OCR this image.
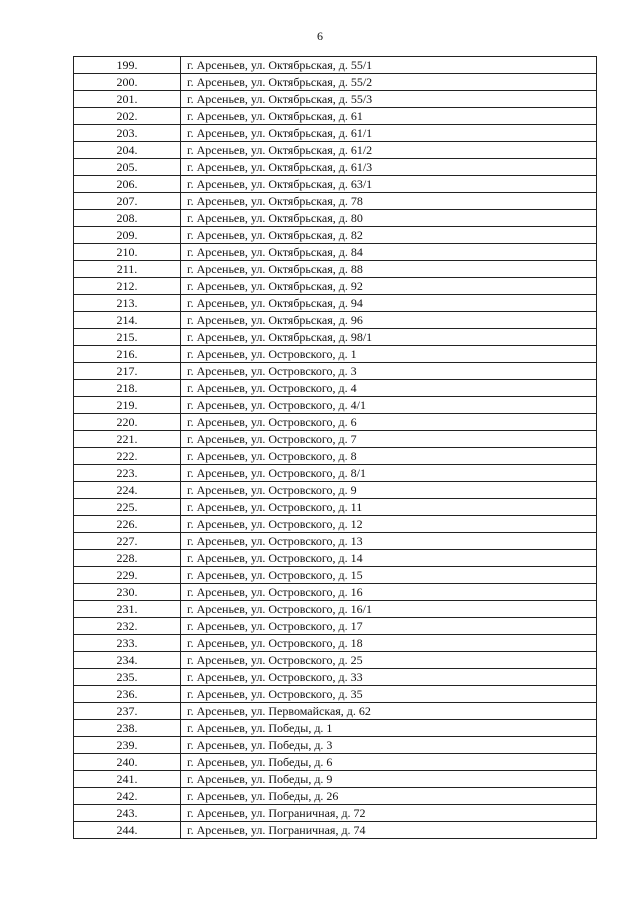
6
199.	г. Арсеньев, ул. Октябрьская, д. 55/1
200.	г. Арсеньев, ул. Октябрьская, д. 55/2
201.	г. Арсеньев, ул. Октябрьская, д. 55/3
202.	г. Арсеньев, ул. Октябрьская, д. 61
203.	г. Арсеньев, ул. Октябрьская, д. 61/1
204.	г. Арсеньев, ул. Октябрьская, д. 61/2
205.	г. Арсеньев, ул. Октябрьская, д. 61/3
206.	г. Арсеньев, ул. Октябрьская, д. 63/1
207.	г. Арсеньев, ул. Октябрьская, д. 78
208.	г. Арсеньев, ул. Октябрьская, д. 80
209.	г. Арсеньев, ул. Октябрьская, д. 82
210.	г. Арсеньев, ул. Октябрьская, д. 84
211.	г. Арсеньев, ул. Октябрьская, д. 88
212.	г. Арсеньев, ул. Октябрьская, д. 92
213.	г. Арсеньев, ул. Октябрьская, д. 94
214.	г. Арсеньев, ул. Октябрьская, д. 96
215.	г. Арсеньев, ул. Октябрьская, д. 98/1
216.	г. Арсеньев, ул. Островского, д. 1
217.	г. Арсеньев, ул. Островского, д. 3
218.	г. Арсеньев, ул. Островского, д. 4
219.	г. Арсеньев, ул. Островского, д. 4/1
220.	г. Арсеньев, ул. Островского, д. 6
221.	г. Арсеньев, ул. Островского, д. 7
222.	г. Арсеньев, ул. Островского, д. 8
223.	г. Арсеньев, ул. Островского, д. 8/1
224.	г. Арсеньев, ул. Островского, д. 9
225.	г. Арсеньев, ул. Островского, д. 11
226.	г. Арсеньев, ул. Островского, д. 12
227.	г. Арсеньев, ул. Островского, д. 13
228.	г. Арсеньев, ул. Островского, д. 14
229.	г. Арсеньев, ул. Островского, д. 15
230.	г. Арсеньев, ул. Островского, д. 16
231.	г. Арсеньев, ул. Островского, д. 16/1
232.	г. Арсеньев, ул. Островского, д. 17
233.	г. Арсеньев, ул. Островского, д. 18
234.	г. Арсеньев, ул. Островского, д. 25
235.	г. Арсеньев, ул. Островского, д. 33
236.	г. Арсеньев, ул. Островского, д. 35
237.	г. Арсеньев, ул. Первомайская, д. 62
238.	г. Арсеньев, ул. Победы, д. 1
239.	г. Арсеньев, ул. Победы, д. 3
240.	г. Арсеньев, ул. Победы, д. 6
241.	г. Арсеньев, ул. Победы, д. 9
242.	г. Арсеньев, ул. Победы, д. 26
243.	г. Арсеньев, ул. Пограничная, д. 72
244.	г. Арсеньев, ул. Пограничная, д. 74
